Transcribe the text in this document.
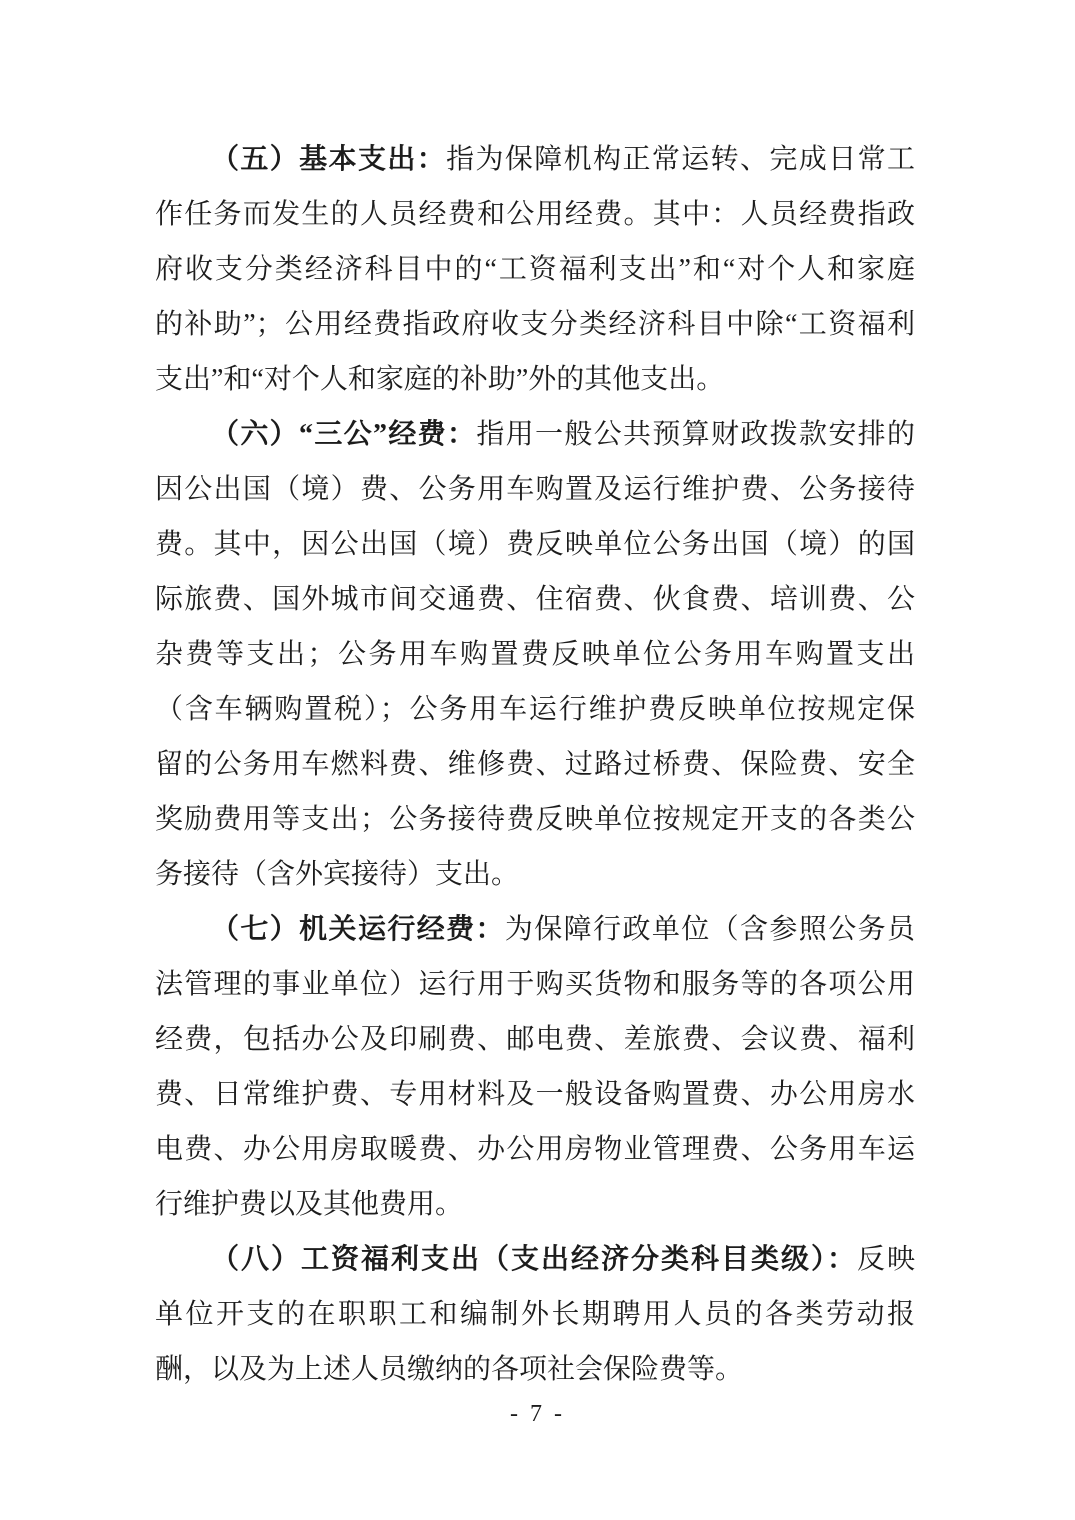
（五）基本支出：指为保障机构正常运转、完成日常工
作任务而发生的人员经费和公用经费。其中：人员经费指政
府收支分类经济科目中的“工资福利支出”和“对个人和家庭
的补助”；公用经费指政府收支分类经济科目中除“工资福利
支出”和“对个人和家庭的补助”外的其他支出。
（六）“三公”经费：指用一般公共预算财政拨款安排的
因公出国（境）费、公务用车购置及运行维护费、公务接待
费。其中，因公出国（境）费反映单位公务出国（境）的国
际旅费、国外城市间交通费、住宿费、伙食费、培训费、公
杂费等支出；公务用车购置费反映单位公务用车购置支出
（含车辆购置税）；公务用车运行维护费反映单位按规定保
留的公务用车燃料费、维修费、过路过桥费、保险费、安全
奖励费用等支出；公务接待费反映单位按规定开支的各类公
务接待（含外宾接待）支出。
（七）机关运行经费：为保障行政单位（含参照公务员
法管理的事业单位）运行用于购买货物和服务等的各项公用
经费，包括办公及印刷费、邮电费、差旅费、会议费、福利
费、日常维护费、专用材料及一般设备购置费、办公用房水
电费、办公用房取暖费、办公用房物业管理费、公务用车运
行维护费以及其他费用。
（八）工资福利支出（支出经济分类科目类级）：反映
单位开支的在职职工和编制外长期聘用人员的各类劳动报
酬，以及为上述人员缴纳的各项社会保险费等。
- 7 -
